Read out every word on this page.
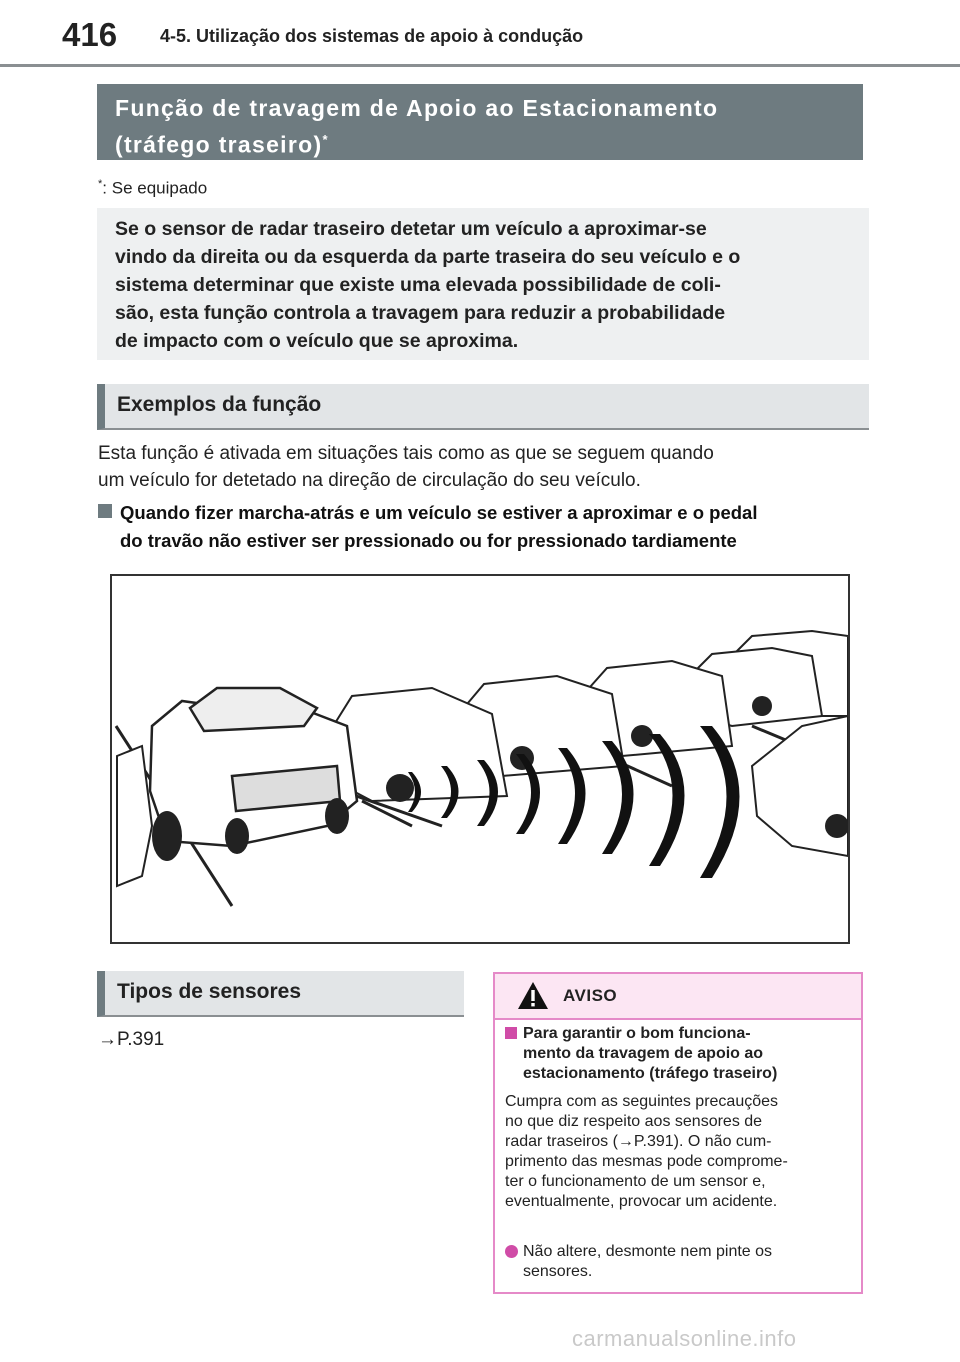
416 4-5. Utilização dos sistemas de apoio à condução
Função de travagem de Apoio ao Estacionamento
(tráfego traseiro)*
*: Se equipado
Se o sensor de radar traseiro detetar um veículo a aproximar-se
vindo da direita ou da esquerda da parte traseira do seu veículo e o
sistema determinar que existe uma elevada possibilidade de coli-
são, esta função controla a travagem para reduzir a probabilidade
de impacto com o veículo que se aproxima.
Exemplos da função
Esta função é ativada em situações tais como as que se seguem quando
um veículo for detetado na direção de circulação do seu veículo.
Quando fizer marcha-atrás e um veículo se estiver a aproximar e o pedal
do travão não estiver ser pressionado ou for pressionado tardiamente
Tipos de sensores
→P.391
AVISO
Para garantir o bom funciona-
mento da travagem de apoio ao
estacionamento (tráfego traseiro)
Cumpra com as seguintes precauções
no que diz respeito aos sensores de
radar traseiros (→P.391). O não cum-
primento das mesmas pode comprome-
ter o funcionamento de um sensor e,
eventualmente, provocar um acidente.
Não altere, desmonte nem pinte os
sensores.
carmanualsonline.info
